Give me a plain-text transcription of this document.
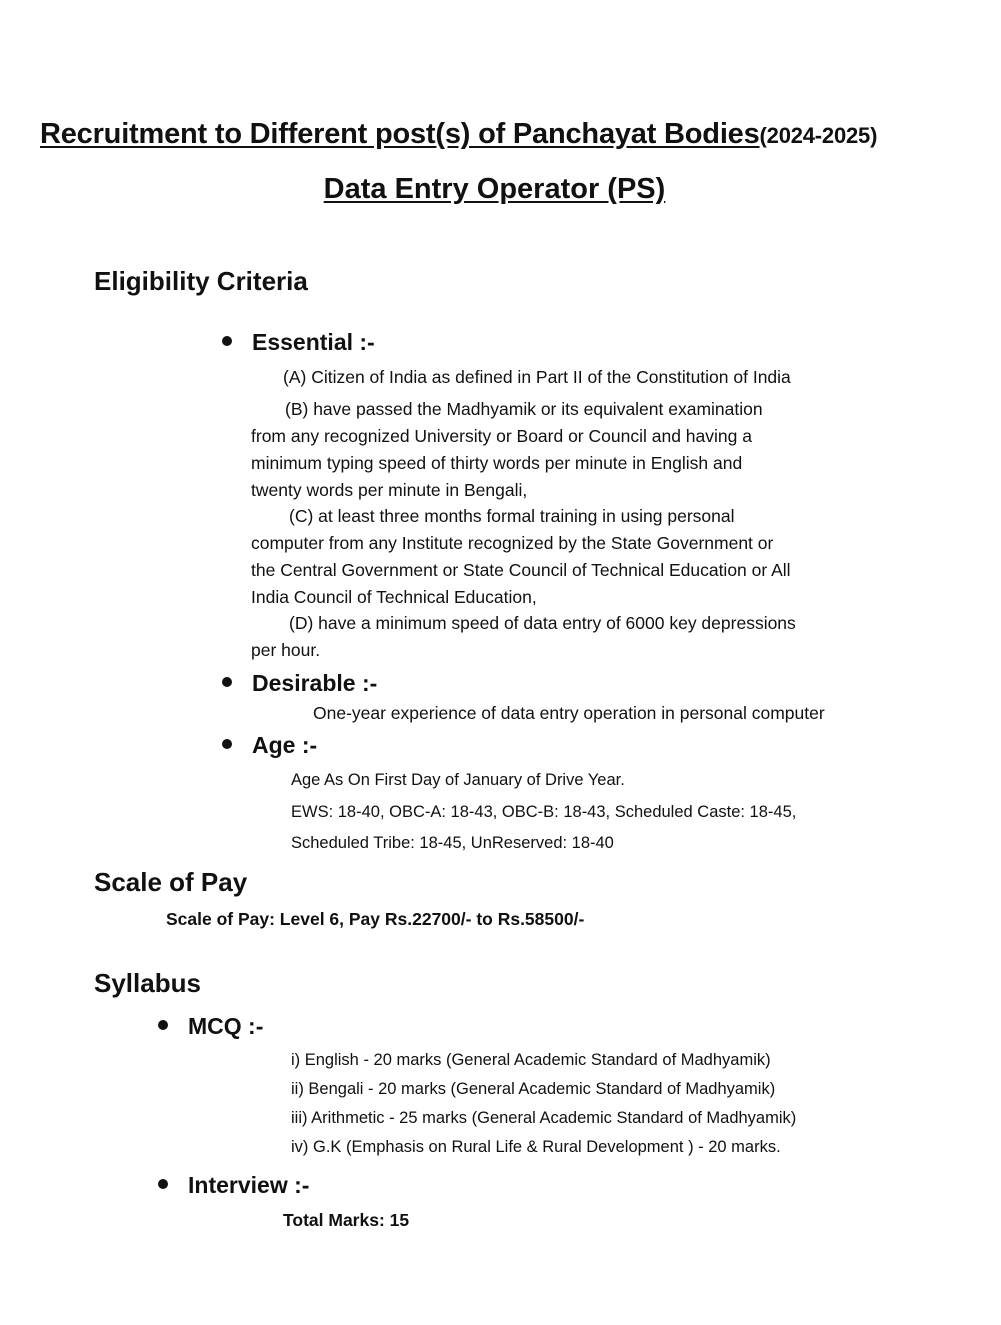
Recruitment to Different post(s) of Panchayat Bodies(2024-2025)
Data Entry Operator (PS)
Eligibility Criteria
Essential :-
(A) Citizen of India as defined in Part II of the Constitution of India
(B) have passed the Madhyamik or its equivalent examination
from any recognized University or Board or Council and having a
minimum typing speed of thirty words per minute in English and
twenty words per minute in Bengali,
(C) at least three months formal training in using personal
computer from any Institute recognized by the State Government or
the Central Government or State Council of Technical Education or All
India Council of Technical Education,
(D) have a minimum speed of data entry of 6000 key depressions
per hour.
Desirable :-
One-year experience of data entry operation in personal computer
Age :-
Age As On First Day of January of Drive Year.
EWS: 18-40, OBC-A: 18-43, OBC-B: 18-43, Scheduled Caste: 18-45,
Scheduled Tribe: 18-45, UnReserved: 18-40
Scale of Pay
Scale of Pay: Level 6, Pay Rs.22700/- to Rs.58500/-
Syllabus
MCQ :-
i) English - 20 marks (General Academic Standard of Madhyamik)
ii) Bengali - 20 marks (General Academic Standard of Madhyamik)
iii) Arithmetic - 25 marks (General Academic Standard of Madhyamik)
iv) G.K (Emphasis on Rural Life & Rural Development ) - 20 marks.
Interview :-
Total Marks: 15
